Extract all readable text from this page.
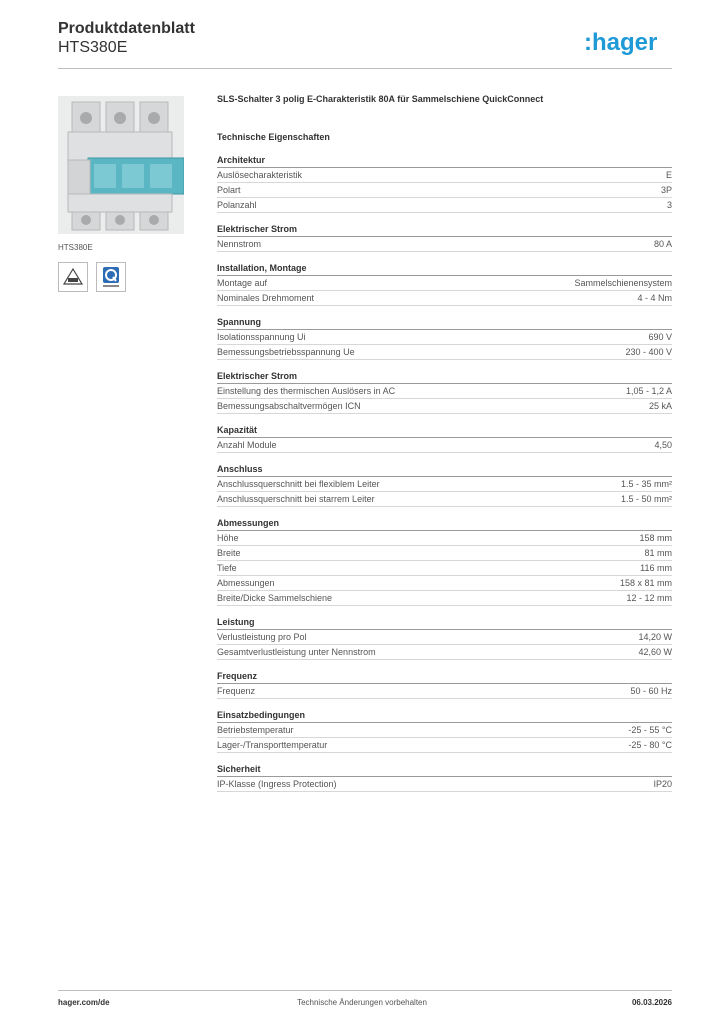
Produktdatenblatt
HTS380E	:hager
HTS380E
SLS-Schalter 3 polig E-Charakteristik 80A für Sammelschiene QuickConnect
Technische Eigenschaften
Architektur
Auslösecharakteristik	E
Polart	3P
Polanzahl	3
Elektrischer Strom
Nennstrom	80 A
Installation, Montage
Montage auf	Sammelschienensystem
Nominales Drehmoment	4 - 4 Nm
Spannung
Isolationsspannung Ui	690 V
Bemessungsbetriebsspannung Ue	230 - 400 V
Elektrischer Strom
Einstellung des thermischen Auslösers in AC	1,05 - 1,2 A
Bemessungsabschaltvermögen ICN	25 kA
Kapazität
Anzahl Module	4,50
Anschluss
Anschlussquerschnitt bei flexiblem Leiter	1.5 - 35 mm²
Anschlussquerschnitt bei starrem Leiter	1.5 - 50 mm²
Abmessungen
Höhe	158 mm
Breite	81 mm
Tiefe	116 mm
Abmessungen	158 x 81 mm
Breite/Dicke Sammelschiene	12 - 12 mm
Leistung
Verlustleistung pro Pol	14,20 W
Gesamtverlustleistung unter Nennstrom	42,60 W
Frequenz
Frequenz	50 - 60 Hz
Einsatzbedingungen
Betriebstemperatur	-25 - 55 °C
Lager-/Transporttemperatur	-25 - 80 °C
Sicherheit
IP-Klasse (Ingress Protection)	IP20
hager.com/de	Technische Änderungen vorbehalten	06.03.2026
